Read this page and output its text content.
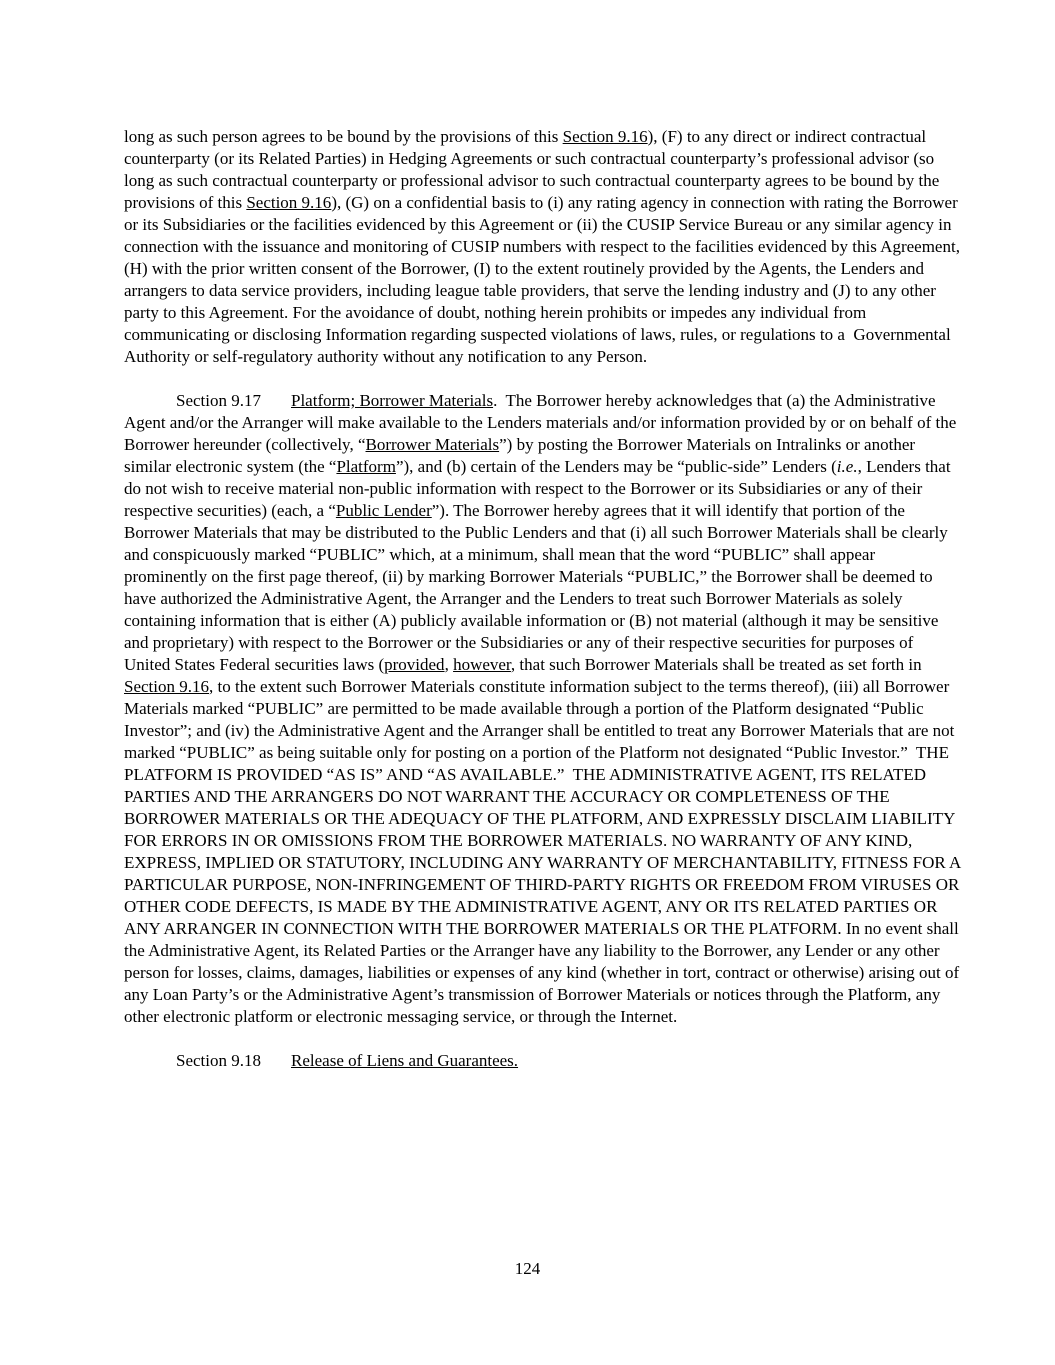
long as such person agrees to be bound by the provisions of this Section 9.16), (F) to any direct or indirect contractual counterparty (or its Related Parties) in Hedging Agreements or such contractual counterparty’s professional advisor (so long as such contractual counterparty or professional advisor to such contractual counterparty agrees to be bound by the provisions of this Section 9.16), (G) on a confidential basis to (i) any rating agency in connection with rating the Borrower or its Subsidiaries or the facilities evidenced by this Agreement or (ii) the CUSIP Service Bureau or any similar agency in connection with the issuance and monitoring of CUSIP numbers with respect to the facilities evidenced by this Agreement, (H) with the prior written consent of the Borrower, (I) to the extent routinely provided by the Agents, the Lenders and arrangers to data service providers, including league table providers, that serve the lending industry and (J) to any other party to this Agreement. For the avoidance of doubt, nothing herein prohibits or impedes any individual from communicating or disclosing Information regarding suspected violations of laws, rules, or regulations to a  Governmental Authority or self-regulatory authority without any notification to any Person.

Section 9.17 Platform; Borrower Materials.  The Borrower hereby acknowledges that (a) the Administrative Agent and/or the Arranger will make available to the Lenders materials and/or information provided by or on behalf of the Borrower hereunder (collectively, “Borrower Materials”) by posting the Borrower Materials on Intralinks or another similar electronic system (the “Platform”), and (b) certain of the Lenders may be “public-side” Lenders (i.e., Lenders that do not wish to receive material non-public information with respect to the Borrower or its Subsidiaries or any of their respective securities) (each, a “Public Lender”). The Borrower hereby agrees that it will identify that portion of the Borrower Materials that may be distributed to the Public Lenders and that (i) all such Borrower Materials shall be clearly and conspicuously marked “PUBLIC” which, at a minimum, shall mean that the word “PUBLIC” shall appear prominently on the first page thereof, (ii) by marking Borrower Materials “PUBLIC,” the Borrower shall be deemed to have authorized the Administrative Agent, the Arranger and the Lenders to treat such Borrower Materials as solely containing information that is either (A) publicly available information or (B) not material (although it may be sensitive and proprietary) with respect to the Borrower or the Subsidiaries or any of their respective securities for purposes of United States Federal securities laws (provided, however, that such Borrower Materials shall be treated as set forth in Section 9.16, to the extent such Borrower Materials constitute information subject to the terms thereof), (iii) all Borrower Materials marked “PUBLIC” are permitted to be made available through a portion of the Platform designated “Public Investor”; and (iv) the Administrative Agent and the Arranger shall be entitled to treat any Borrower Materials that are not marked “PUBLIC” as being suitable only for posting on a portion of the Platform not designated “Public Investor.”  THE PLATFORM IS PROVIDED “AS IS” AND “AS AVAILABLE.”  THE ADMINISTRATIVE AGENT, ITS RELATED PARTIES AND THE ARRANGERS DO NOT WARRANT THE ACCURACY OR COMPLETENESS OF THE BORROWER MATERIALS OR THE ADEQUACY OF THE PLATFORM, AND EXPRESSLY DISCLAIM LIABILITY FOR ERRORS IN OR OMISSIONS FROM THE BORROWER MATERIALS. NO WARRANTY OF ANY KIND, EXPRESS, IMPLIED OR STATUTORY, INCLUDING ANY WARRANTY OF MERCHANTABILITY, FITNESS FOR A PARTICULAR PURPOSE, NON-INFRINGEMENT OF THIRD-PARTY RIGHTS OR FREEDOM FROM VIRUSES OR OTHER CODE DEFECTS, IS MADE BY THE ADMINISTRATIVE AGENT, ANY OR ITS RELATED PARTIES OR ANY ARRANGER IN CONNECTION WITH THE BORROWER MATERIALS OR THE PLATFORM. In no event shall the Administrative Agent, its Related Parties or the Arranger have any liability to the Borrower, any Lender or any other person for losses, claims, damages, liabilities or expenses of any kind (whether in tort, contract or otherwise) arising out of any Loan Party’s or the Administrative Agent’s transmission of Borrower Materials or notices through the Platform, any other electronic platform or electronic messaging service, or through the Internet.

Section 9.18 Release of Liens and Guarantees.

124
